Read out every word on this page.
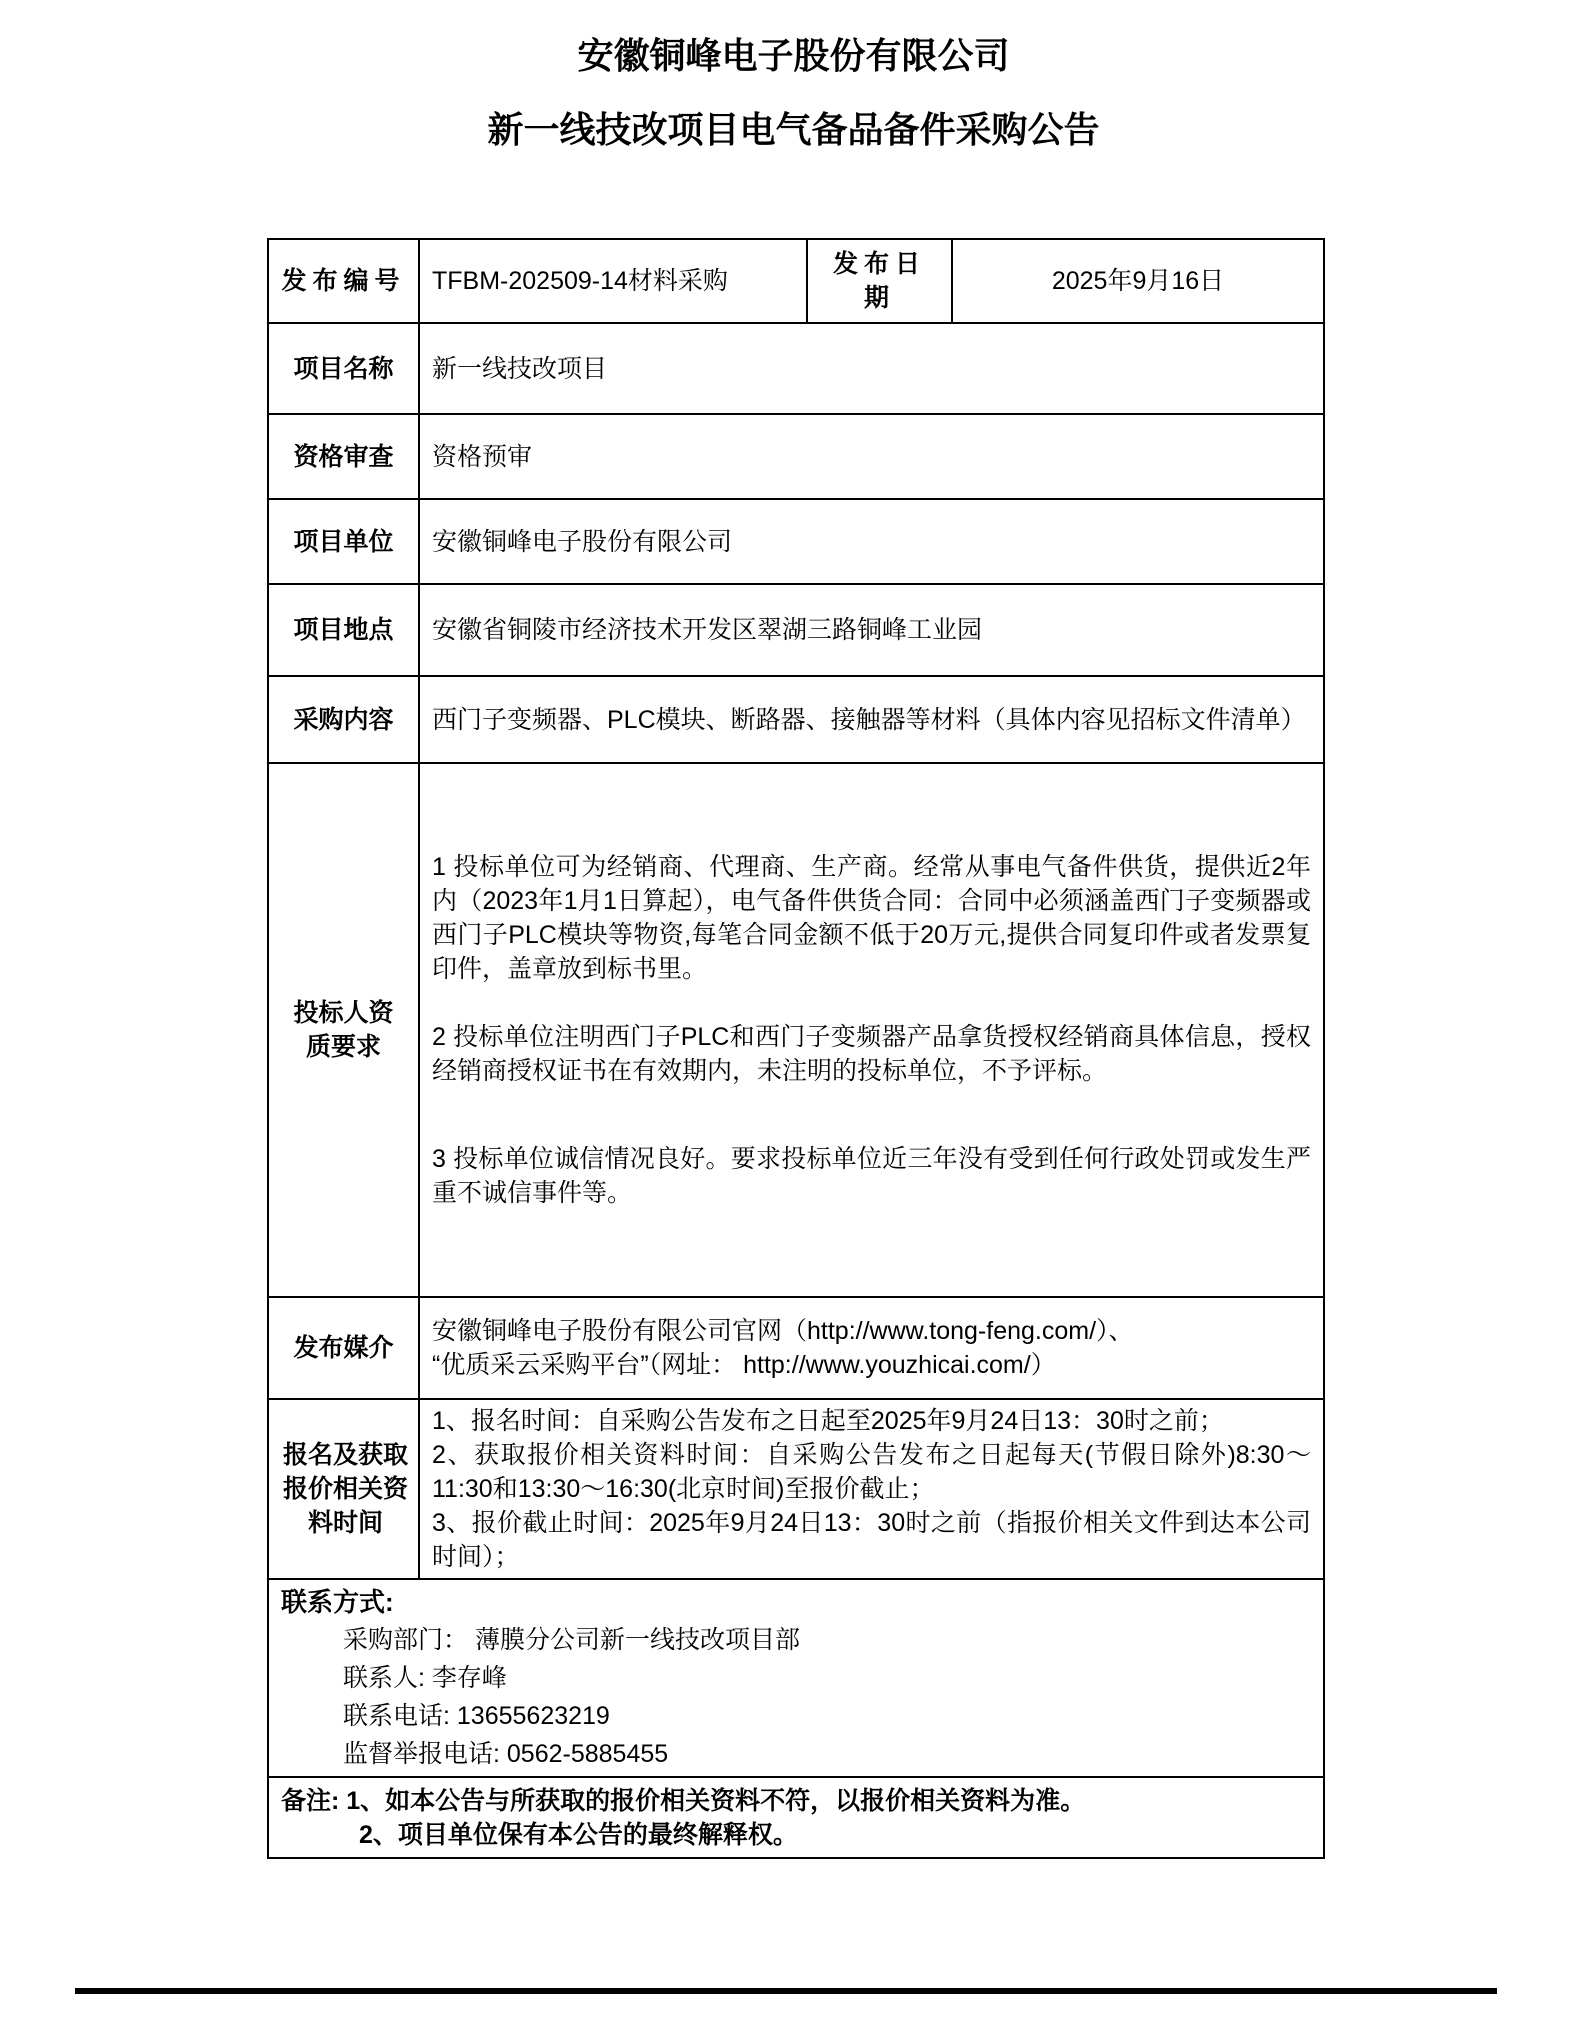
安徽铜峰电子股份有限公司
新一线技改项目电气备品备件采购公告
发布编号	TFBM-202509-14材料采购	发布日期	2025年9月16日
项目名称	新一线技改项目		
资格审查	资格预审		
项目单位	安徽铜峰电子股份有限公司		
项目地点	安徽省铜陵市经济技术开发区翠湖三路铜峰工业园		
采购内容	西门子变频器、PLC模块、断路器、接触器等材料（具体内容见招标文件清单）		

投标人资质要求	1 投标单位可为经销商、代理商、生产商。经常从事电气备件供货，提供近2年内（2023年1月1日算起），电气备件供货合同：合同中必须涵盖西门子变频器或西门子PLC模块等物资,每笔合同金额不低于20万元,提供合同复印件或者发票复印件，盖章放到标书里。

2 投标单位注明西门子PLC和西门子变频器产品拿货授权经销商具体信息，授权经销商授权证书在有效期内，未注明的投标单位，不予评标。

3 投标单位诚信情况良好。要求投标单位近三年没有受到任何行政处罚或发生严重不诚信事件等。		

发布媒介	安徽铜峰电子股份有限公司官网（http://www.tong-feng.com/）、
“优质采云采购平台”（网址： http://www.youzhicai.com/）		

报名及获取报价相关资料时间	1、报名时间：自采购公告发布之日起至2025年9月24日13：30时之前；
2、获取报价相关资料时间：自采购公告发布之日起每天(节假日除外)8:30～11:30和13:30～16:30(北京时间)至报价截止；
3、报价截止时间：2025年9月24日13：30时之前（指报价相关文件到达本公司时间）；		

联系方式:
采购部门： 薄膜分公司新一线技改项目部
联系人: 李存峰
联系电话: 13655623219
监督举报电话: 0562-5885455			

备注: 1、如本公告与所获取的报价相关资料不符，以报价相关资料为准。
2、项目单位保有本公告的最终解释权。			
